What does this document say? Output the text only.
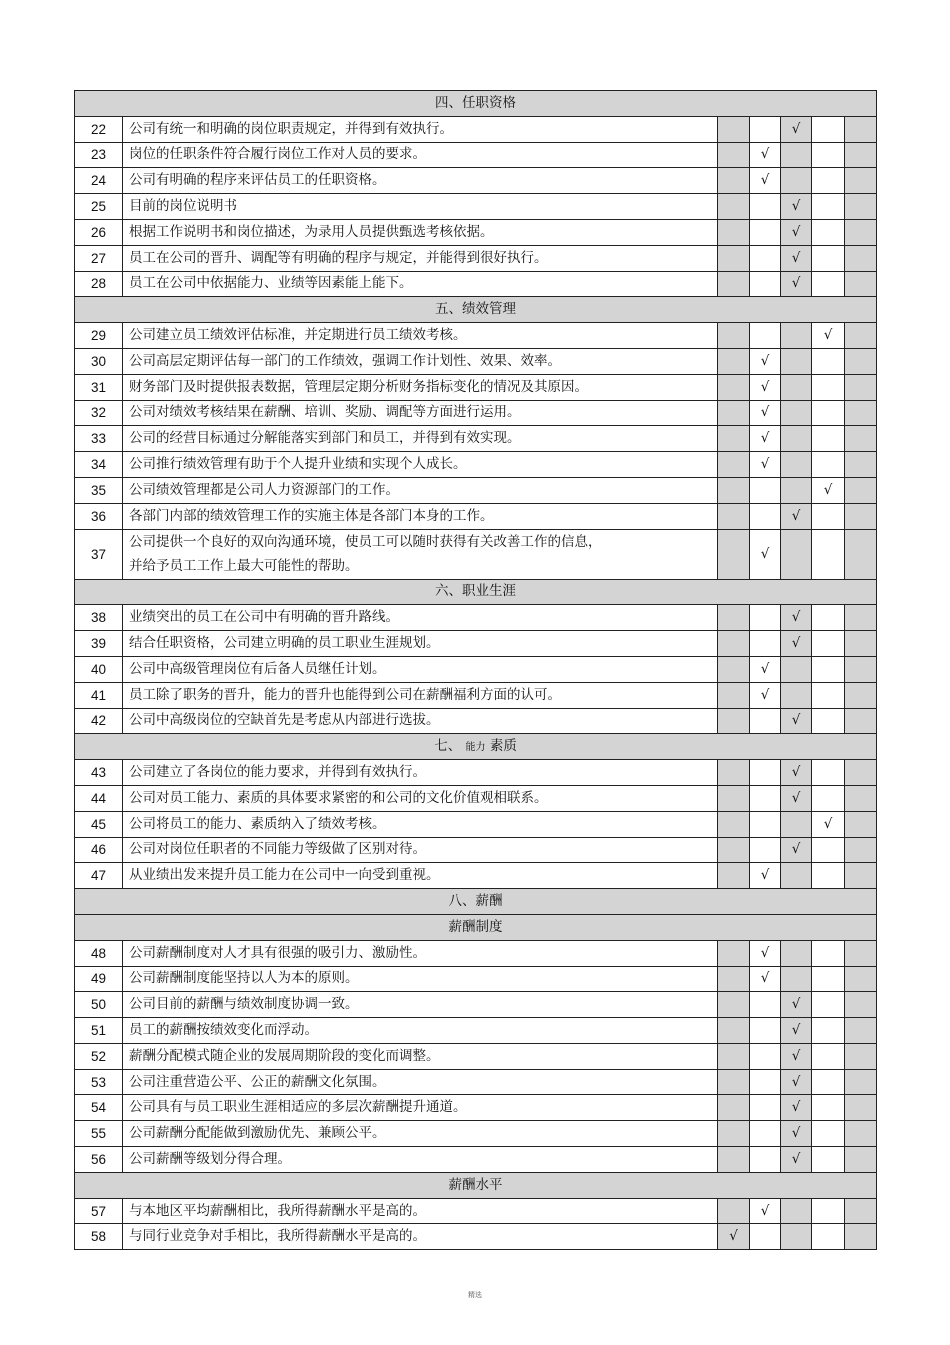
四、任职资格						
22	公司有统一和明确的岗位职责规定，并得到有效执行。			√		
23	岗位的任职条件符合履行岗位工作对人员的要求。		√			
24	公司有明确的程序来评估员工的任职资格。		√			
25	目前的岗位说明书			√		
26	根据工作说明书和岗位描述，为录用人员提供甄选考核依据。			√		
27	员工在公司的晋升、调配等有明确的程序与规定，并能得到很好执行。			√		
28	员工在公司中依据能力、业绩等因素能上能下。			√		
五、绩效管理						
29	公司建立员工绩效评估标准，并定期进行员工绩效考核。				√	
30	公司高层定期评估每一部门的工作绩效，强调工作计划性、效果、效率。		√			
31	财务部门及时提供报表数据，管理层定期分析财务指标变化的情况及其原因。		√			
32	公司对绩效考核结果在薪酬、培训、奖励、调配等方面进行运用。		√			
33	公司的经营目标通过分解能落实到部门和员工，并得到有效实现。		√			
34	公司推行绩效管理有助于个人提升业绩和实现个人成长。		√			
35	公司绩效管理都是公司人力资源部门的工作。				√	
36	各部门内部的绩效管理工作的实施主体是各部门本身的工作。			√		
37	公司提供一个良好的双向沟通环境，使员工可以随时获得有关改善工作的信息，
并给予员工工作上最大可能性的帮助。		√			
六、职业生涯						
38	业绩突出的员工在公司中有明确的晋升路线。			√		
39	结合任职资格，公司建立明确的员工职业生涯规划。			√		
40	公司中高级管理岗位有后备人员继任计划。		√			
41	员工除了职务的晋升，能力的晋升也能得到公司在薪酬福利方面的认可。		√			
42	公司中高级岗位的空缺首先是考虑从内部进行选拔。			√		
七、 能力 素质						
43	公司建立了各岗位的能力要求，并得到有效执行。			√		
44	公司对员工能力、素质的具体要求紧密的和公司的文化价值观相联系。			√		
45	公司将员工的能力、素质纳入了绩效考核。				√	
46	公司对岗位任职者的不同能力等级做了区别对待。			√		
47	从业绩出发来提升员工能力在公司中一向受到重视。		√			
八、薪酬						
薪酬制度						
48	公司薪酬制度对人才具有很强的吸引力、激励性。		√			
49	公司薪酬制度能坚持以人为本的原则。		√			
50	公司目前的薪酬与绩效制度协调一致。			√		
51	员工的薪酬按绩效变化而浮动。			√		
52	薪酬分配模式随企业的发展周期阶段的变化而调整。			√		
53	公司注重营造公平、公正的薪酬文化氛围。			√		
54	公司具有与员工职业生涯相适应的多层次薪酬提升通道。			√		
55	公司薪酬分配能做到激励优先、兼顾公平。			√		
56	公司薪酬等级划分得合理。			√		
薪酬水平						
57	与本地区平均薪酬相比，我所得薪酬水平是高的。		√			
58	与同行业竞争对手相比，我所得薪酬水平是高的。	√				
精选
